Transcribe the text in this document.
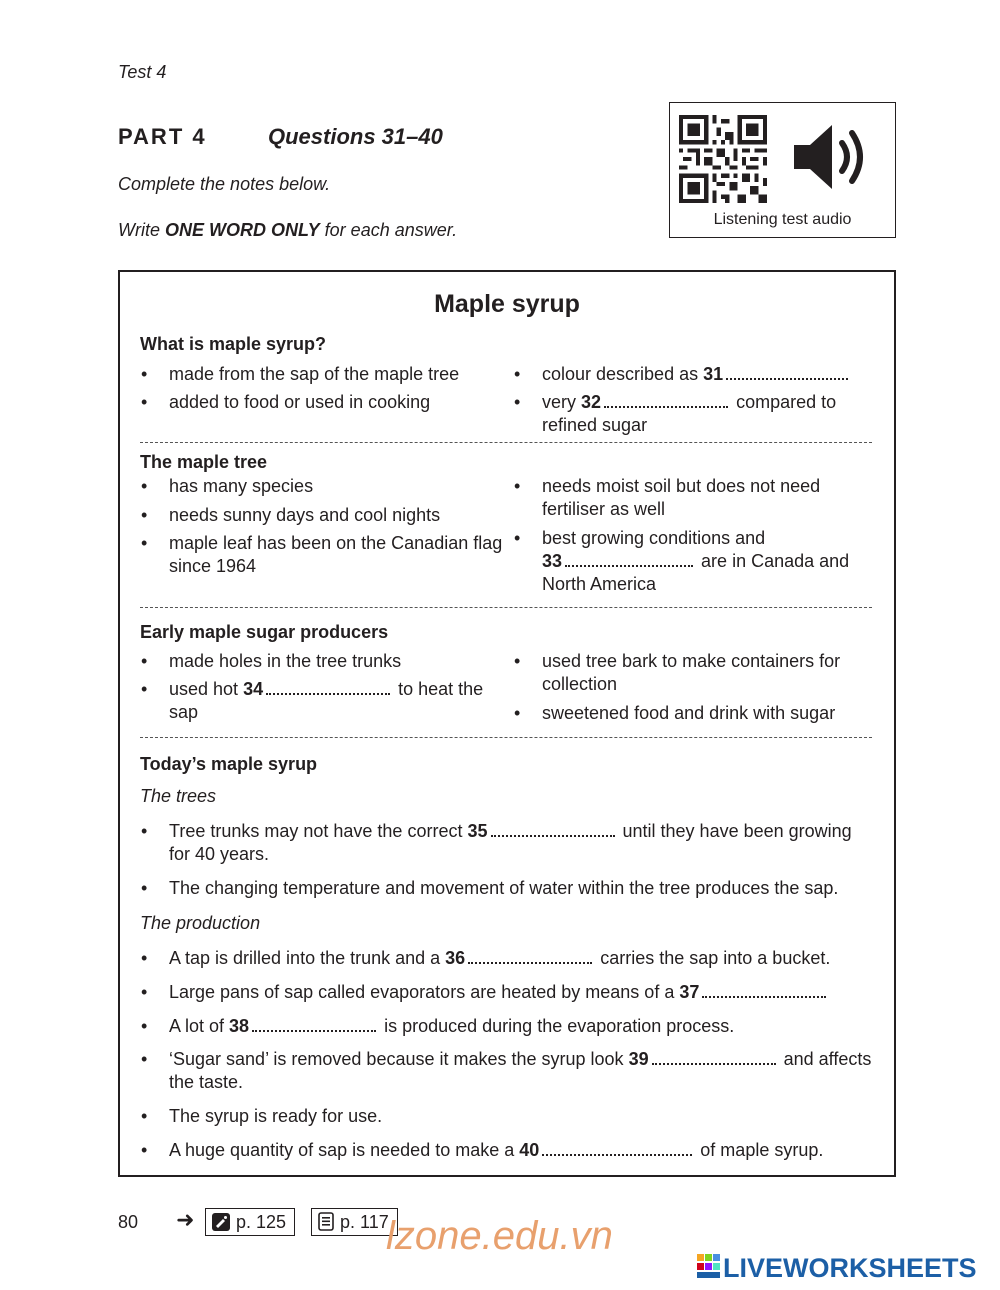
Test 4
PART 4	Questions 31–40
Complete the notes below.
Write ONE WORD ONLY for each answer.
Listening test audio
Maple syrup
What is maple syrup?
• made from the sap of the maple tree
• added to food or used in cooking
• colour described as 31
• very 32	compared to refined sugar
The maple tree
• has many species
• needs sunny days and cool nights
• maple leaf has been on the Canadian flag since 1964
• needs moist soil but does not need fertiliser as well
• best growing conditions and
33	are in Canada and North America
Early maple sugar producers
• made holes in the tree trunks
• used hot 34	to heat the sap
• used tree bark to make containers for collection
• sweetened food and drink with sugar
Today’s maple syrup
The trees
• Tree trunks may not have the correct 35	until they have been growing for 40 years.
• The changing temperature and movement of water within the tree produces the sap.
The production
• A tap is drilled into the trunk and a 36	carries the sap into a bucket.
• Large pans of sap called evaporators are heated by means of a 37
• A lot of 38	is produced during the evaporation process.
• ‘Sugar sand’ is removed because it makes the syrup look 39	and affects the taste.
• The syrup is ready for use.
• A huge quantity of sap is needed to make a 40	of maple syrup.
80 ➜	p. 125	p. 117
lzone.edu.vn
LIVEWORKSHEETS
